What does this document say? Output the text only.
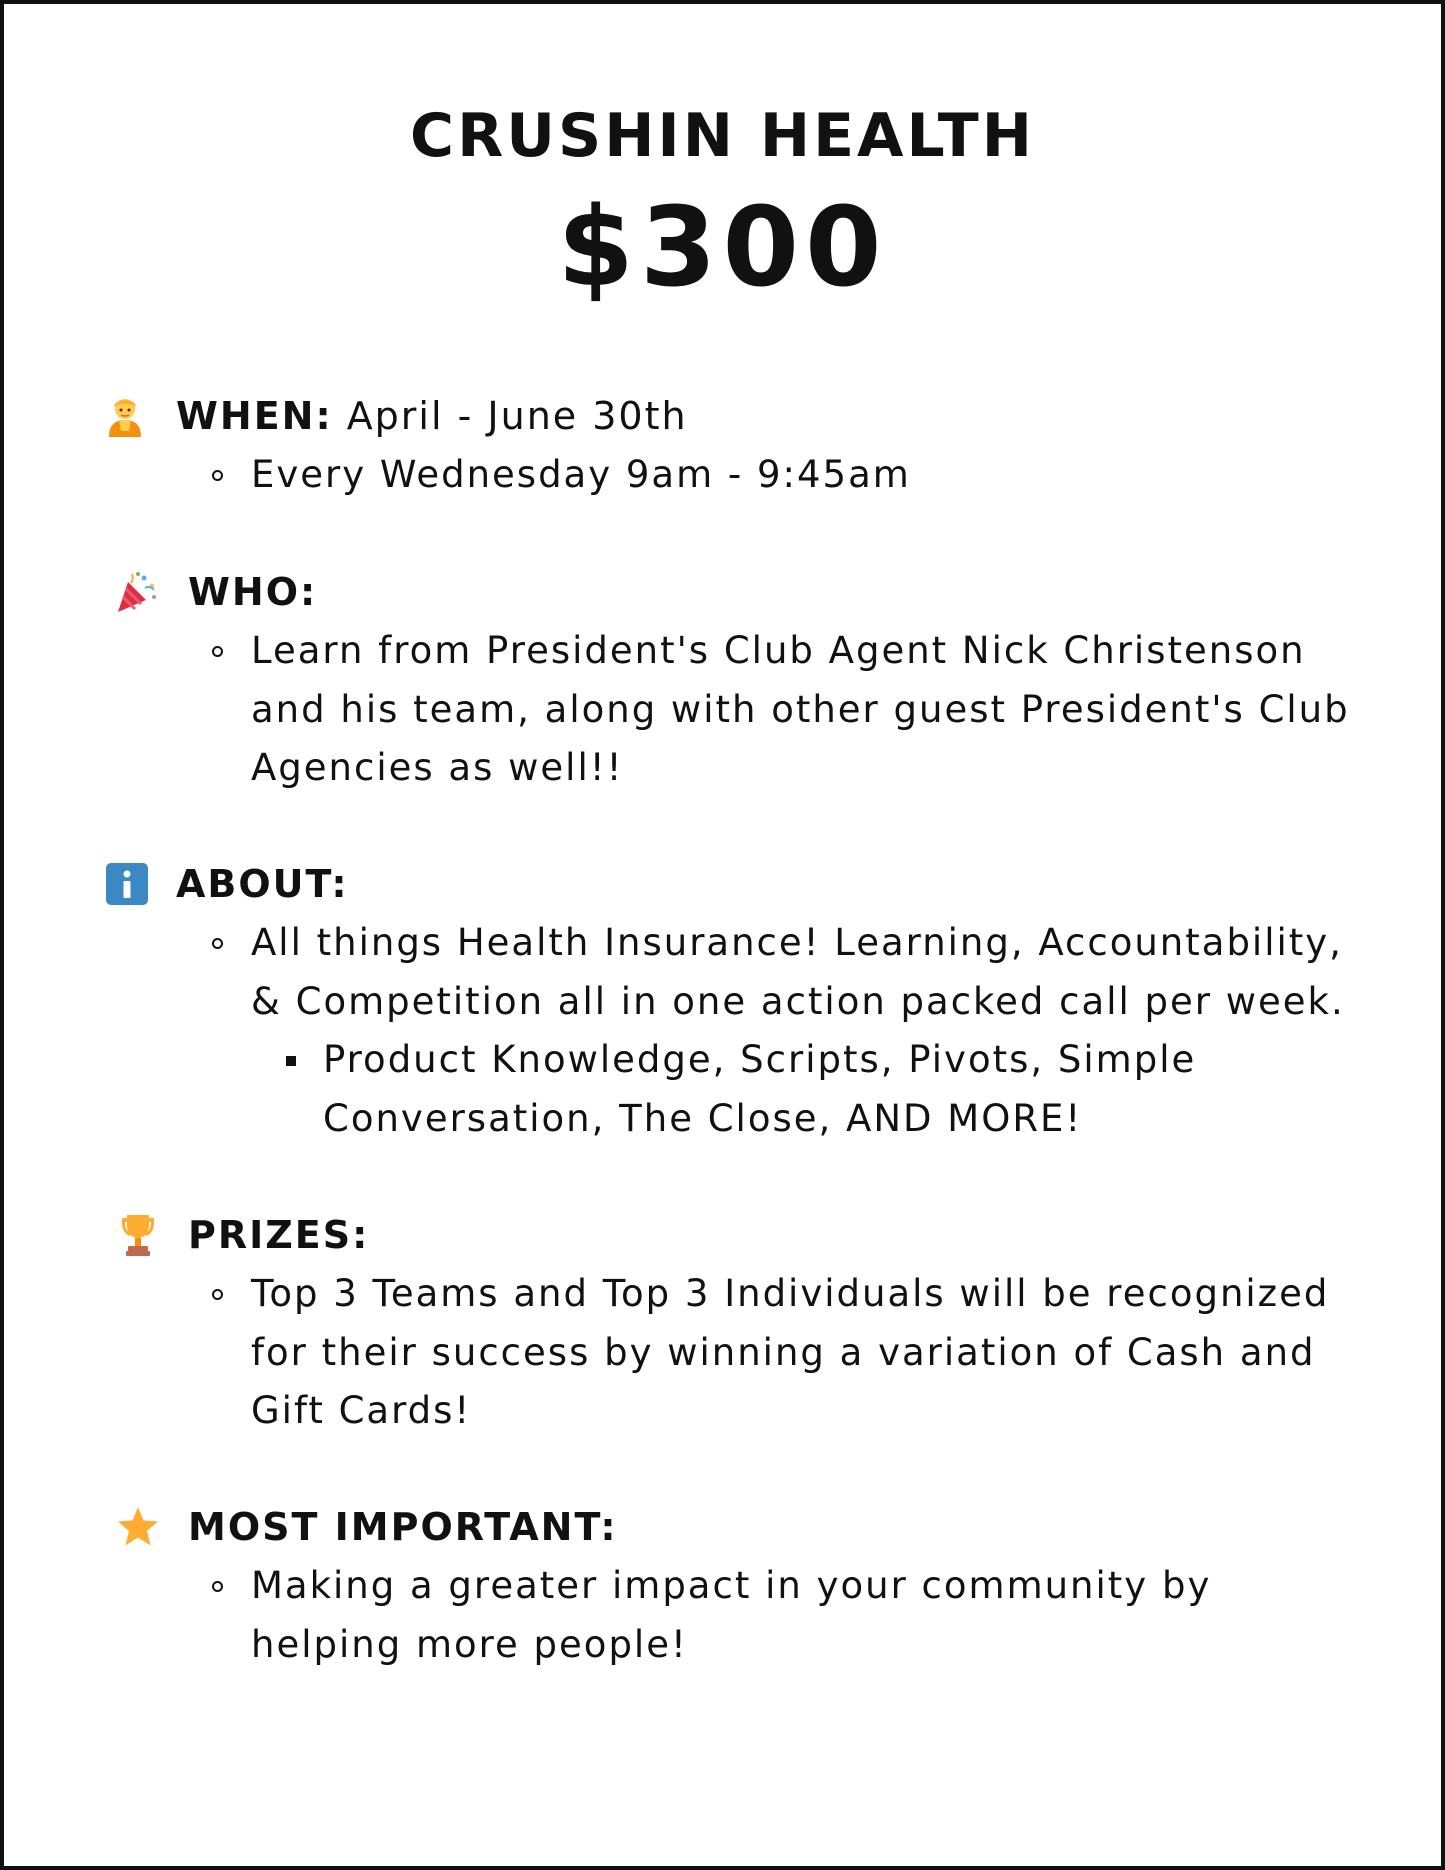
CRUSHIN HEALTH
$300
WHEN: April - June 30th
Every Wednesday 9am - 9:45am
WHO:
Learn from President's Club Agent Nick Christenson and his team, along with other guest President's Club Agencies as well!!
ABOUT:
All things Health Insurance! Learning, Accountability, & Competition all in one action packed call per week.
Product Knowledge, Scripts, Pivots, Simple Conversation, The Close, AND MORE!
PRIZES:
Top 3 Teams and Top 3 Individuals will be recognized for their success by winning a variation of Cash and Gift Cards!
MOST IMPORTANT:
Making a greater impact in your community by helping more people!
